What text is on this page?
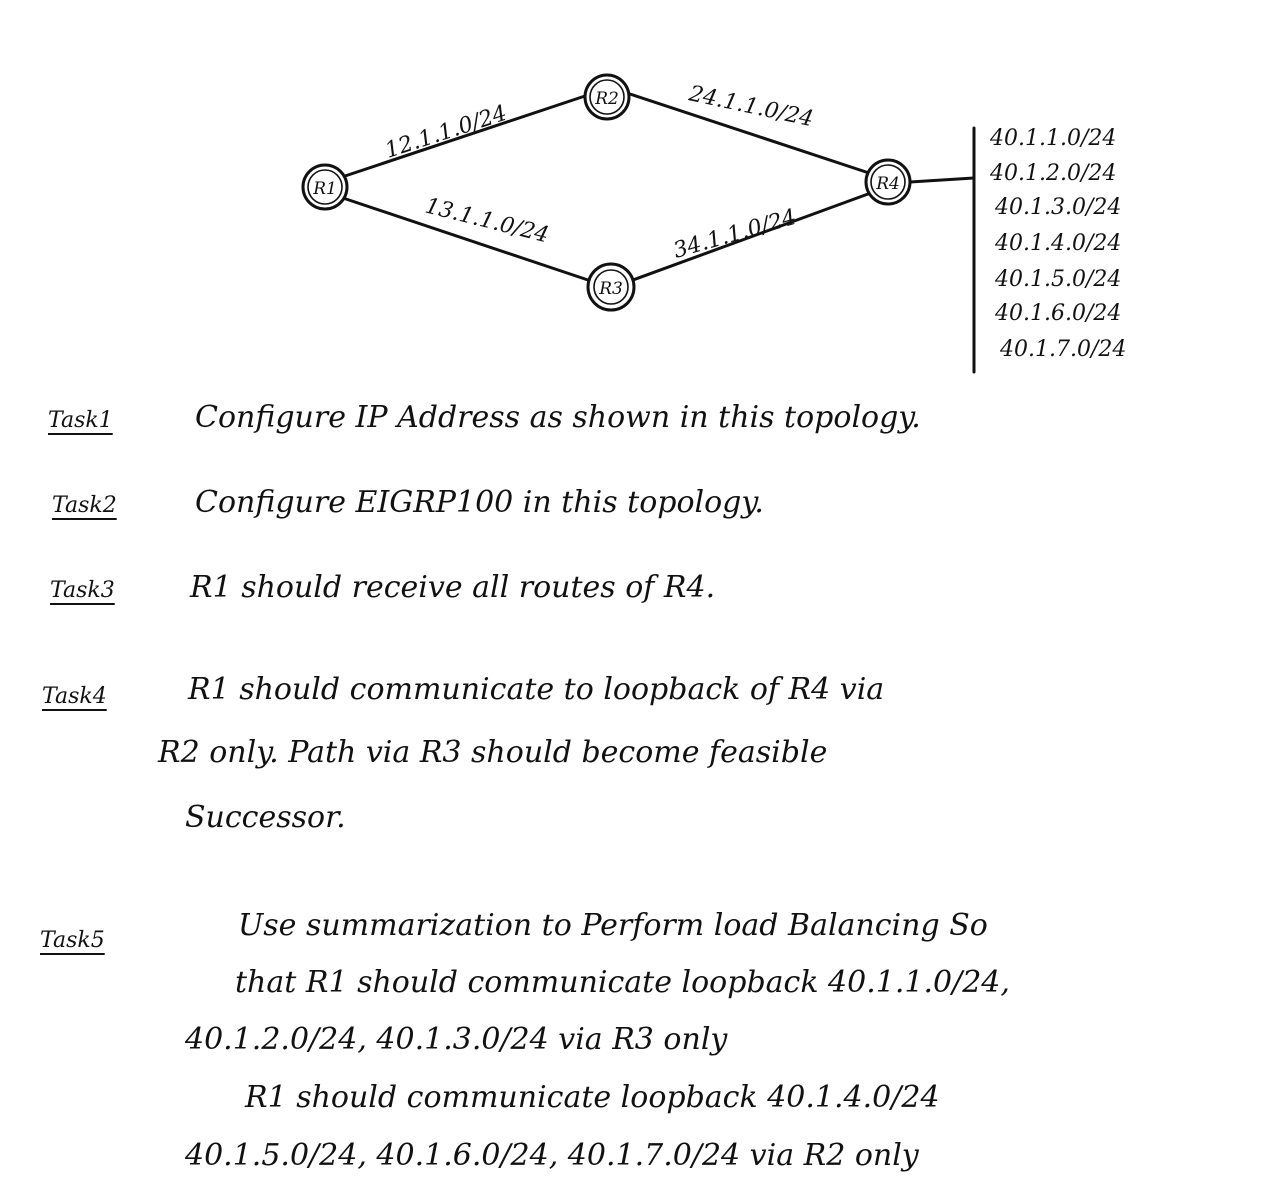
12.1.1.0/24	24.1.1.0/24
13.1.1.0/24	34.1.1.0/24
R1
R2
R3
R4
40.1.1.0/24
40.1.2.0/24
40.1.3.0/24
40.1.4.0/24
40.1.5.0/24
40.1.6.0/24
40.1.7.0/24
Task1	Configure IP Address as shown in this topology.
Task2	Configure EIGRP100 in this topology.
Task3	R1 should receive all routes of R4.
Task4	R1 should communicate to loopback of R4 via
R2 only. Path via R3 should become feasible
Successor.
Task5	Use summarization to Perform load Balancing So
that R1 should communicate loopback 40.1.1.0/24,
40.1.2.0/24, 40.1.3.0/24 via R3 only
R1 should communicate loopback 40.1.4.0/24
40.1.5.0/24, 40.1.6.0/24, 40.1.7.0/24 via R2 only
